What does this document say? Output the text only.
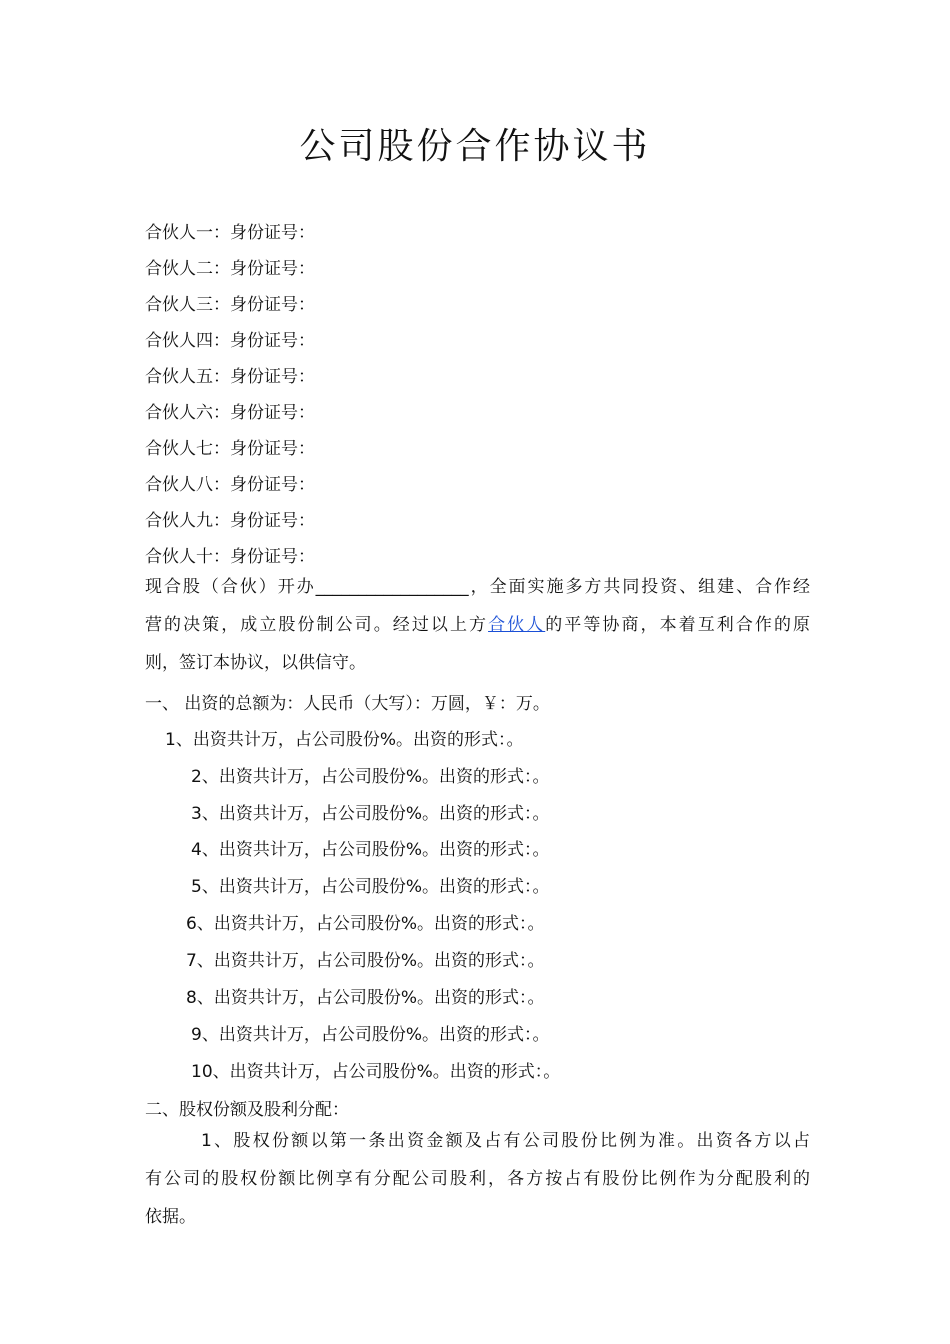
公司股份合作协议书
合伙人一：身份证号：
合伙人二：身份证号：
合伙人三：身份证号：
合伙人四：身份证号：
合伙人五：身份证号：
合伙人六：身份证号：
合伙人七：身份证号：
合伙人八：身份证号：
合伙人九：身份证号：
合伙人十：身份证号：
现合股（合伙）开办__________________，全面实施多方共同投资、组建、合作经
营的决策，成立股份制公司。经过以上方合伙人的平等协商，本着互利合作的原
则，签订本协议，以供信守。
一、 出资的总额为：人民币（大写）：万圆，￥：万。
1、出资共计万，占公司股份%。出资的形式：。
2、出资共计万，占公司股份%。出资的形式：。
3、出资共计万，占公司股份%。出资的形式：。
4、出资共计万，占公司股份%。出资的形式：。
5、出资共计万，占公司股份%。出资的形式：。
6、出资共计万，占公司股份%。出资的形式：。
7、出资共计万，占公司股份%。出资的形式：。
8、出资共计万，占公司股份%。出资的形式：。
9、出资共计万，占公司股份%。出资的形式：。
10、出资共计万，占公司股份%。出资的形式：。
二、股权份额及股利分配：
1、股权份额以第一条出资金额及占有公司股份比例为准。出资各方以占
有公司的股权份额比例享有分配公司股利，各方按占有股份比例作为分配股利的
依据。
